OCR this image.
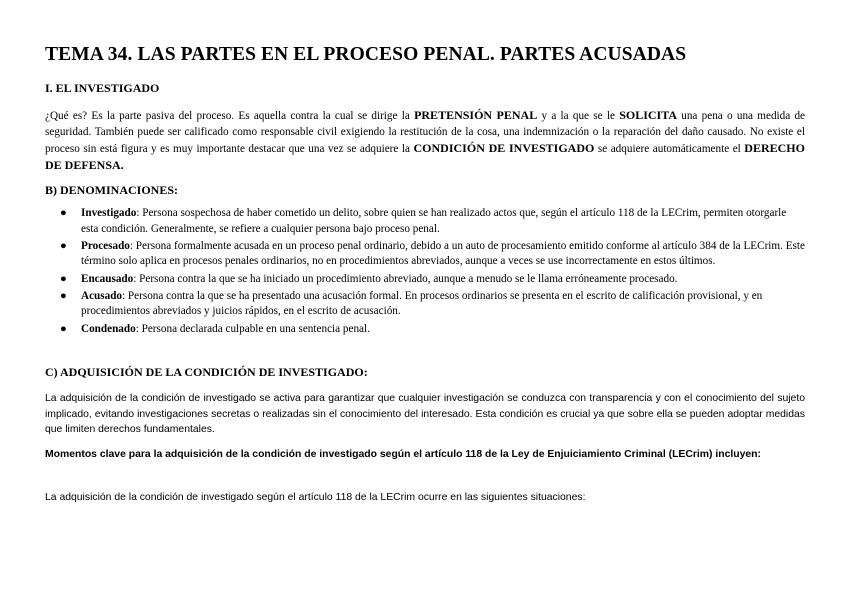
TEMA 34. LAS PARTES EN EL PROCESO PENAL. PARTES ACUSADAS
I. EL INVESTIGADO

¿Qué es? Es la parte pasiva del proceso. Es aquella contra la cual se dirige la PRETENSIÓN PENAL y a la que se le SOLICITA una pena o una medida de seguridad. También puede ser calificado como responsable civil exigiendo la restitución de la cosa, una indemnización o la reparación del daño causado. No existe el proceso sin está figura y es muy importante destacar que una vez se adquiere la CONDICIÓN DE INVESTIGADO se adquiere automáticamente el DERECHO DE DEFENSA.

B) DENOMINACIONES:
● Investigado: Persona sospechosa de haber cometido un delito, sobre quien se han realizado actos que, según el artículo 118 de la LECrim, permiten otorgarle esta condición. Generalmente, se refiere a cualquier persona bajo proceso penal.
● Procesado: Persona formalmente acusada en un proceso penal ordinario, debido a un auto de procesamiento emitido conforme al artículo 384 de la LECrim. Este término solo aplica en procesos penales ordinarios, no en procedimientos abreviados, aunque a veces se use incorrectamente en estos últimos.
● Encausado: Persona contra la que se ha iniciado un procedimiento abreviado, aunque a menudo se le llama erróneamente procesado.
● Acusado: Persona contra la que se ha presentado una acusación formal. En procesos ordinarios se presenta en el escrito de calificación provisional, y en procedimientos abreviados y juicios rápidos, en el escrito de acusación.
● Condenado: Persona declarada culpable en una sentencia penal.
C) ADQUISICIÓN DE LA CONDICIÓN DE INVESTIGADO:

La adquisición de la condición de investigado se activa para garantizar que cualquier investigación se conduzca con transparencia y con el conocimiento del sujeto implicado, evitando investigaciones secretas o realizadas sin el conocimiento del interesado. Esta condición es crucial ya que sobre ella se pueden adoptar medidas que limiten derechos fundamentales.

Momentos clave para la adquisición de la condición de investigado según el artículo 118 de la Ley de Enjuiciamiento Criminal (LECrim) incluyen:

La adquisición de la condición de investigado según el artículo 118 de la LECrim ocurre en las siguientes situaciones:
